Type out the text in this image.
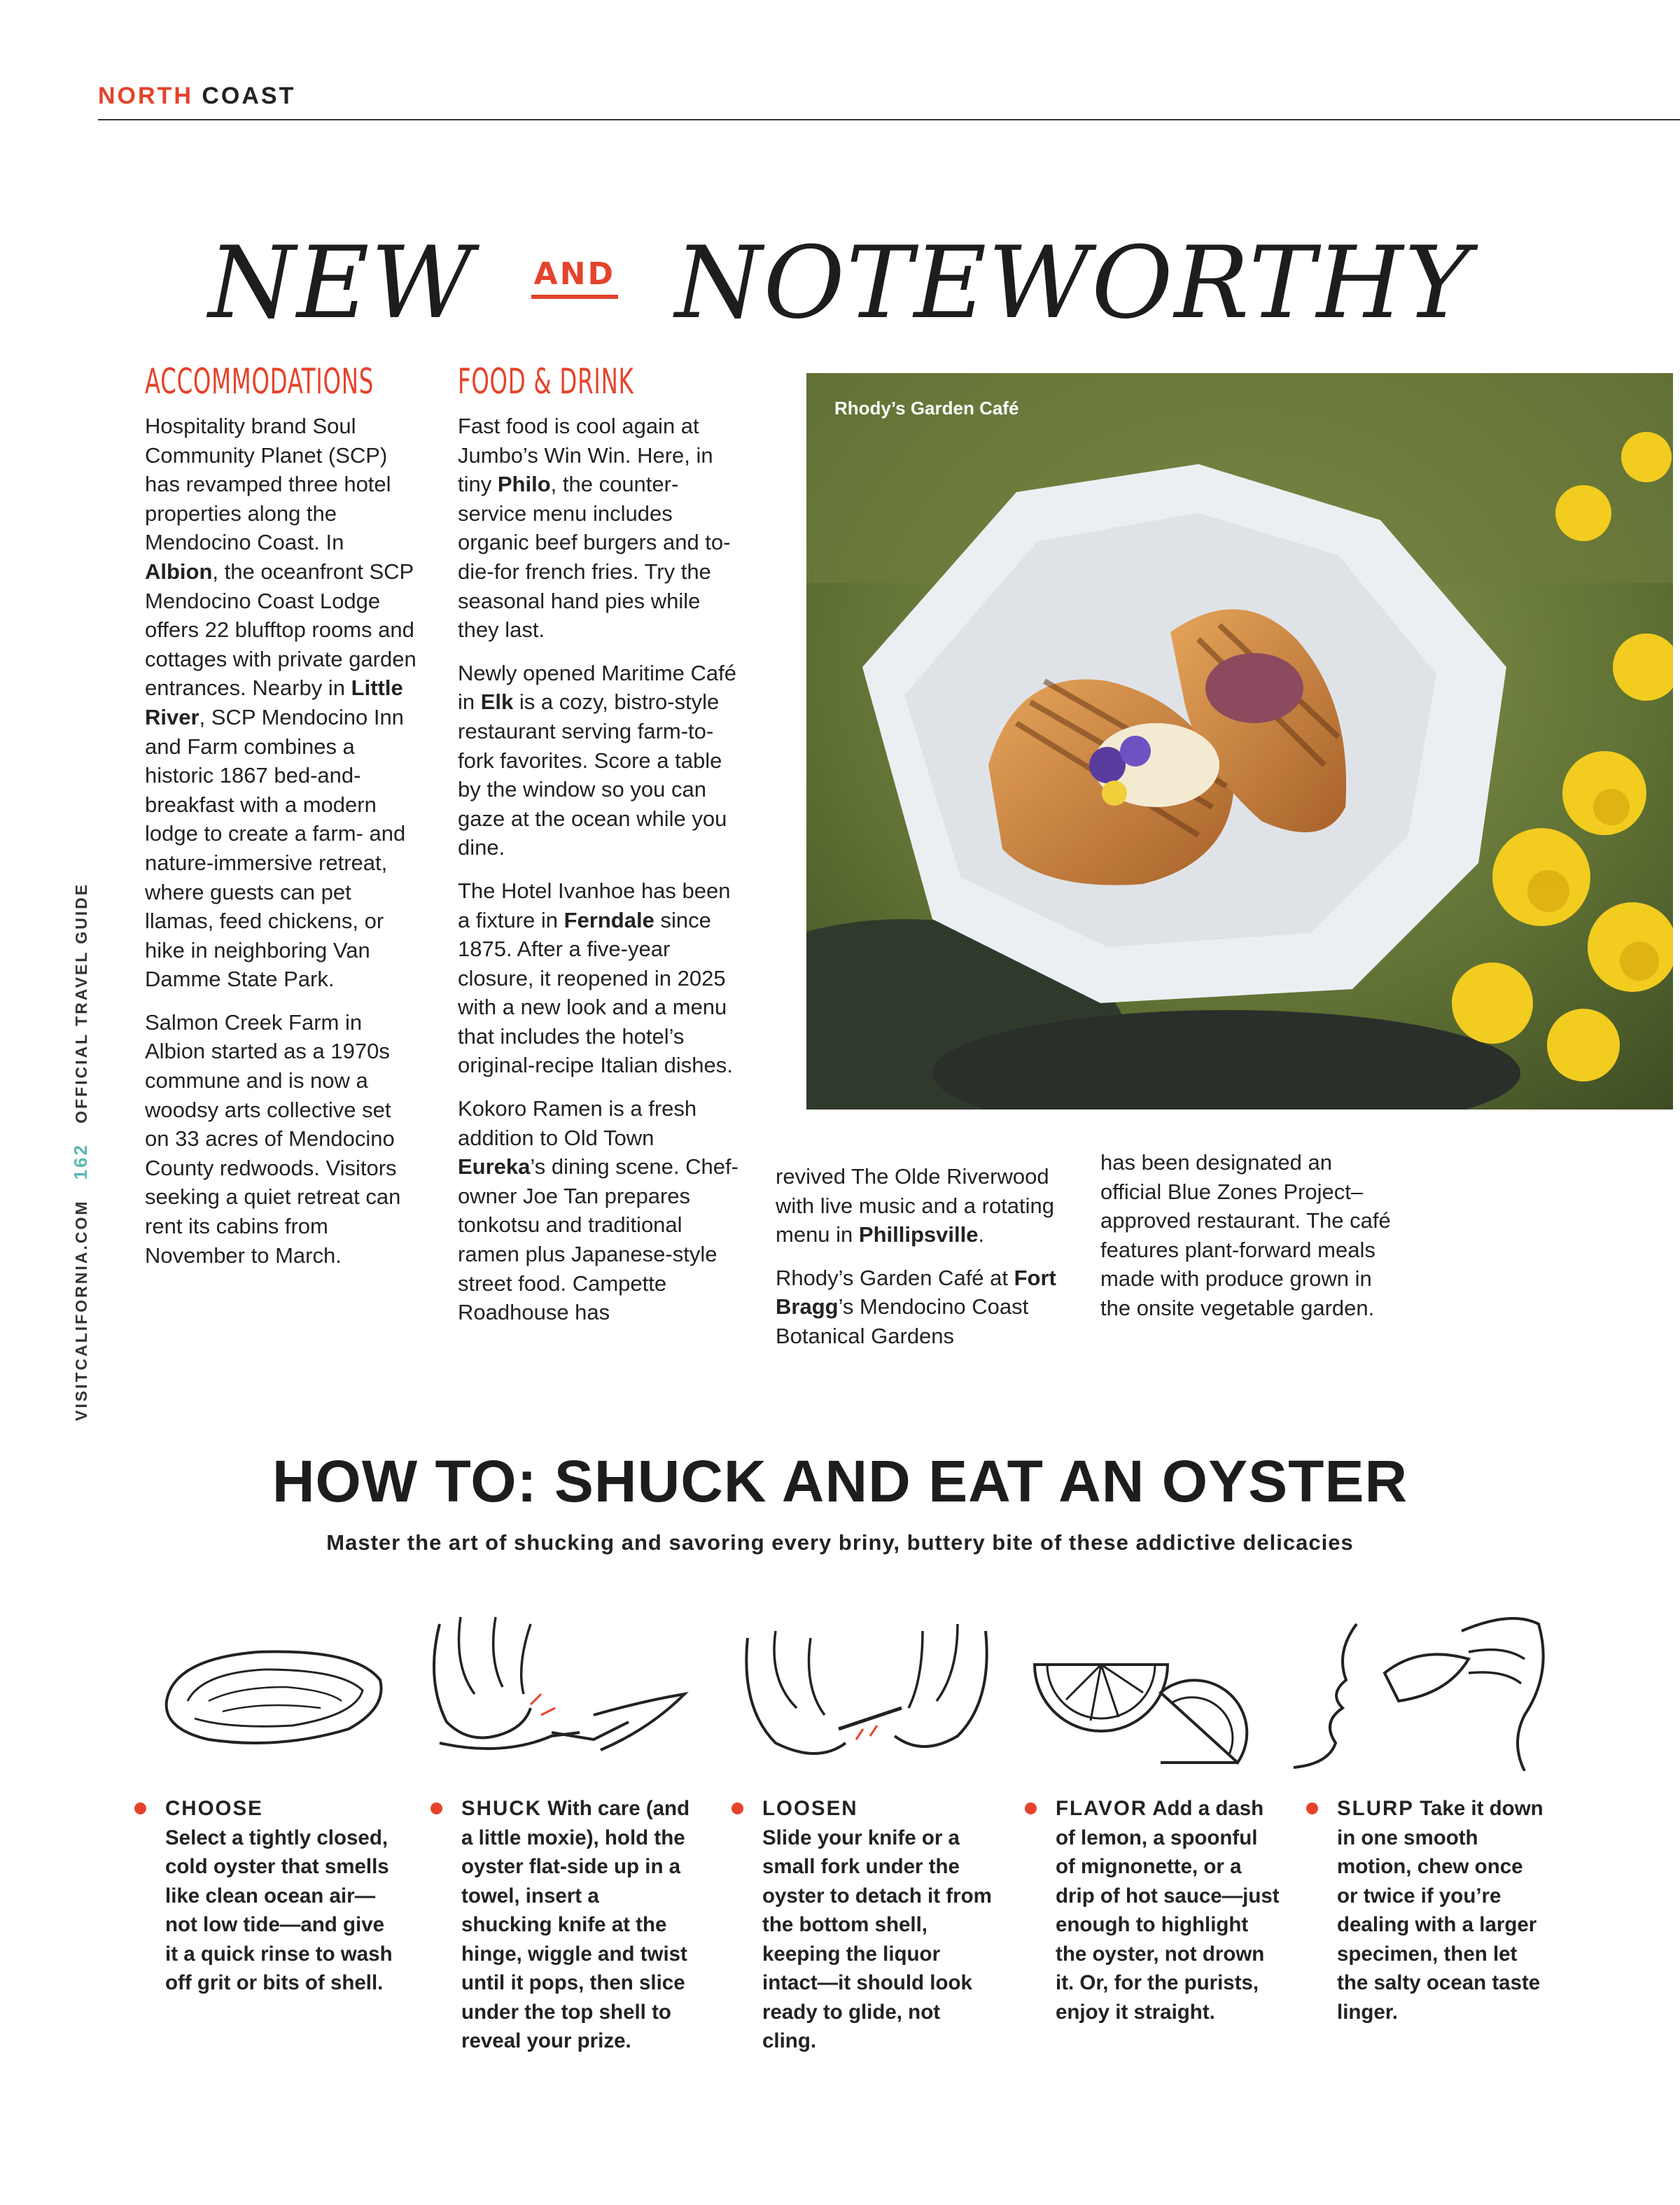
NORTH COAST
VISITCALIFORNIA.COM   162   OFFICIAL TRAVEL GUIDE
NEW AND NOTEWORTHY
ACCOMMODATIONS

Hospitality brand Soul Community Planet (SCP) has revamped three hotel properties along the Mendocino Coast. In Albion, the oceanfront SCP Mendocino Coast Lodge offers 22 blufftop rooms and cottages with private garden entrances. Nearby in Little River, SCP Mendocino Inn and Farm combines a historic 1867 bed-and-breakfast with a modern lodge to create a farm- and nature-immersive retreat, where guests can pet llamas, feed chickens, or hike in neighboring Van Damme State Park.

Salmon Creek Farm in Albion started as a 1970s commune and is now a woodsy arts collective set on 33 acres of Mendocino County redwoods. Visitors seeking a quiet retreat can rent its cabins from November to March.

FOOD & DRINK

Fast food is cool again at Jumbo’s Win Win. Here, in tiny Philo, the counter-service menu includes organic beef burgers and to-die-for french fries. Try the seasonal hand pies while they last.

Newly opened Maritime Café in Elk is a cozy, bistro-style restaurant serving farm-to-fork favorites. Score a table by the window so you can gaze at the ocean while you dine.

The Hotel Ivanhoe has been a fixture in Ferndale since 1875. After a five-year closure, it reopened in 2025 with a new look and a menu that includes the hotel’s original-recipe Italian dishes.

Kokoro Ramen is a fresh addition to Old Town Eureka’s dining scene. Chef-owner Joe Tan prepares tonkotsu and traditional ramen plus Japanese-style street food. Campette Roadhouse has

Rhody’s Garden Café

revived The Olde Riverwood with live music and a rotating menu in Phillipsville.

Rhody’s Garden Café at Fort Bragg’s Mendocino Coast Botanical Gardens

has been designated an official Blue Zones Project–approved restaurant. The café features plant-forward meals made with produce grown in the onsite vegetable garden.

HOW TO: SHUCK AND EAT AN OYSTER
Master the art of shucking and savoring every briny, buttery bite of these addictive delicacies
CHOOSE
Select a tightly closed, cold oyster that smells like clean ocean air—not low tide—and give it a quick rinse to wash off grit or bits of shell.
SHUCK With care (and a little moxie), hold the oyster flat-side up in a towel, insert a shucking knife at the hinge, wiggle and twist until it pops, then slice under the top shell to reveal your prize.
LOOSEN
Slide your knife or a small fork under the oyster to detach it from the bottom shell, keeping the liquor intact—it should look ready to glide, not cling.
FLAVOR Add a dash of lemon, a spoonful of mignonette, or a drip of hot sauce—just enough to highlight the oyster, not drown it. Or, for the purists, enjoy it straight.
SLURP Take it down in one smooth motion, chew once or twice if you’re dealing with a larger specimen, then let the salty ocean taste linger.
